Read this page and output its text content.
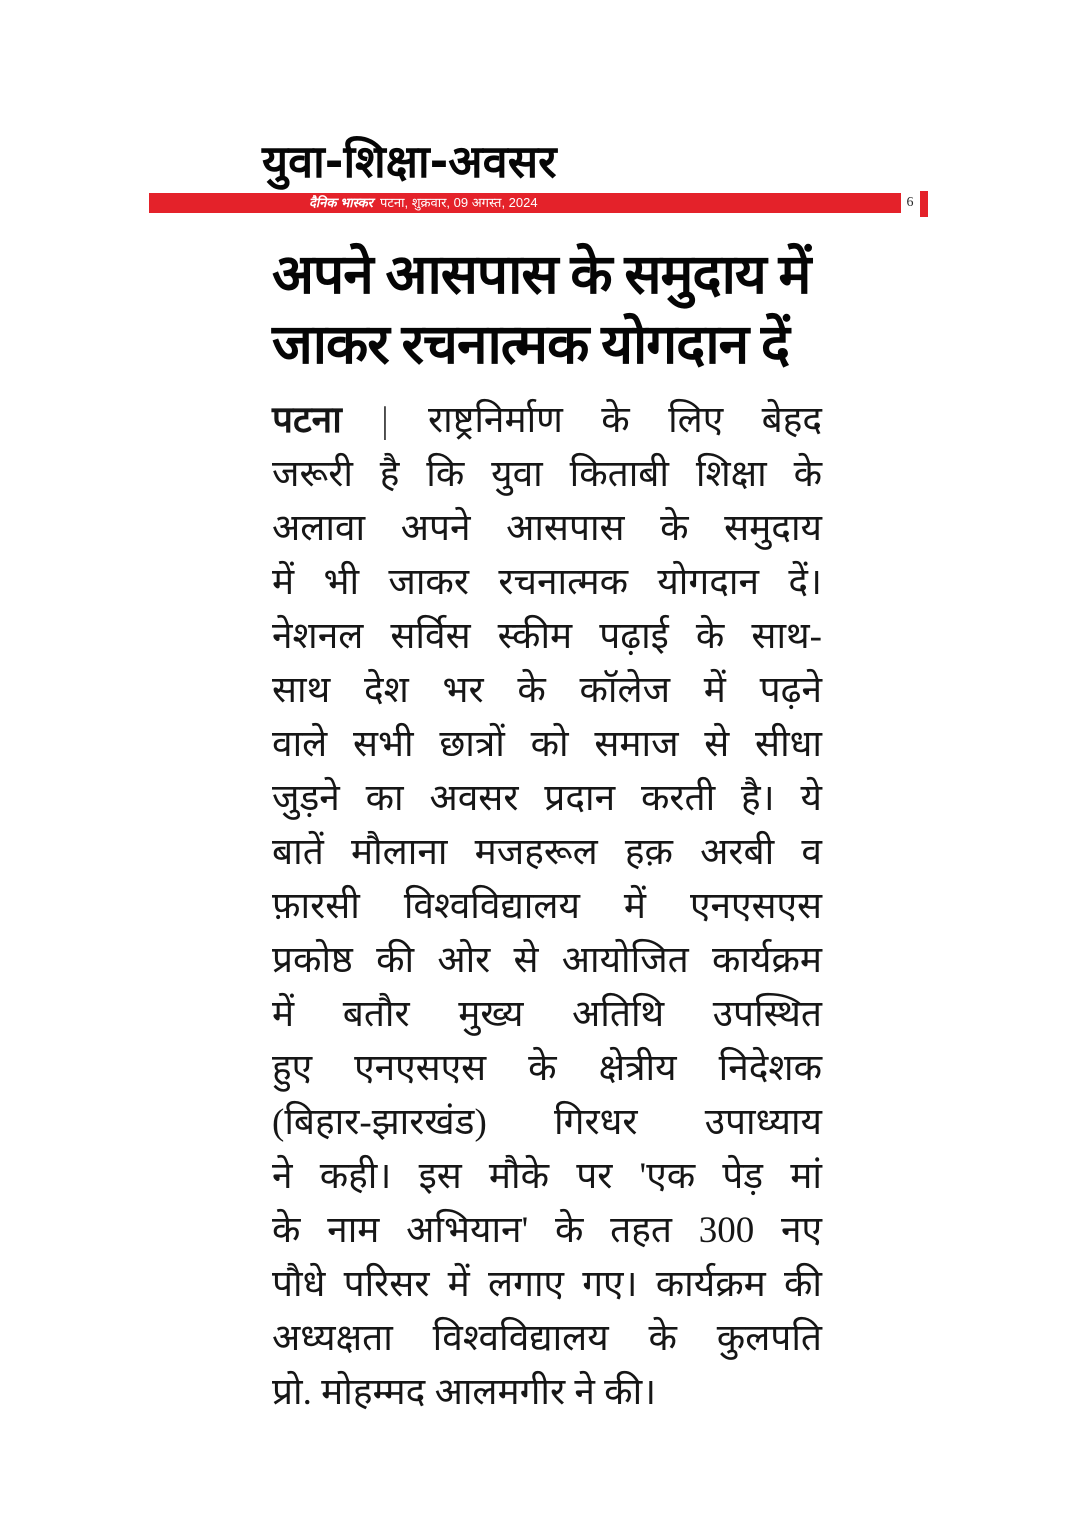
युवा-शिक्षा-अवसर
दैनिक भास्कर पटना, शुक्रवार, 09 अगस्त, 2024	6
अपने आसपास के समुदाय में
जाकर रचनात्मक योगदान दें
पटना | राष्ट्रनिर्माण के लिए बेहद
जरूरी है कि युवा किताबी शिक्षा के
अलावा अपने आसपास के समुदाय
में भी जाकर रचनात्मक योगदान दें।
नेशनल सर्विस स्कीम पढ़ाई के साथ-
साथ देश भर के कॉलेज में पढ़ने
वाले सभी छात्रों को समाज से सीधा
जुड़ने का अवसर प्रदान करती है। ये
बातें मौलाना मजहरूल हक़ अरबी व
फ़ारसी विश्वविद्यालय में एनएसएस
प्रकोष्ठ की ओर से आयोजित कार्यक्रम
में बतौर मुख्य अतिथि उपस्थित
हुए एनएसएस के क्षेत्रीय निदेशक
(बिहार-झारखंड) गिरधर उपाध्याय
ने कही। इस मौके पर 'एक पेड़ मां
के नाम अभियान' के तहत 300 नए
पौधे परिसर में लगाए गए। कार्यक्रम की
अध्यक्षता विश्वविद्यालय के कुलपति
प्रो. मोहम्मद आलमगीर ने की।
